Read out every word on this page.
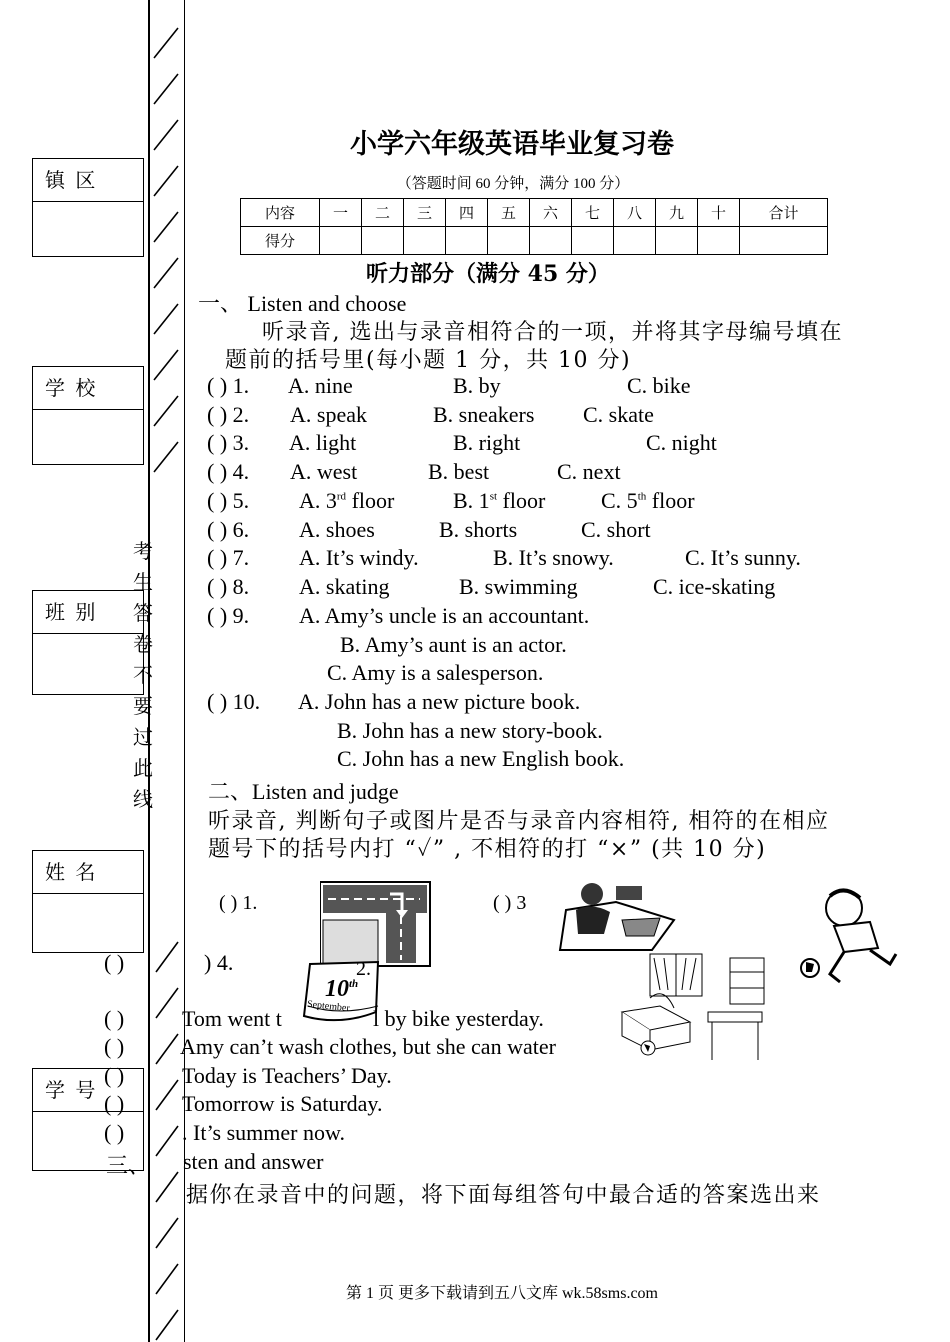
镇 区
学 校
班 别
姓 名
学 号
考
生
答
卷
不
要
过
此
线
小学六年级英语毕业复习卷
（答题时间 60 分钟，满分 100 分）
内容	一	二	三	四	五	六	七	八	九	十	合计
得分											
听力部分（满分 45 分）
一、 Listen and choose
听录音, 选出与录音相符合的一项，并将其字母编号填在
题前的括号里(每小题 1 分，共 10 分)
( ) 1. A. nine	B. by	C. bike
( ) 2. A. speak	B. sneakers C. skate
( ) 3. A. light	B. right	C. night
( ) 4. A. west	B. best	C. next
( ) 6. A. shoes	B. shorts	C. short
( ) 7. A. It’s windy.	B. It’s snowy.	C. It’s sunny.
( ) 8. A. skating	B. swimming	C. ice-skating
( ) 5. A. 3rd floor	B. 1st floor	C. 5th floor
( ) 9. A. Amy’s uncle is an accountant.
B. Amy’s aunt is an actor.
C. Amy is a salesperson.
( ) 10. A. John has a new picture book.
B. John has a new story-book.
C. John has a new English book.
二、Listen and judge
听录音, 判断句子或图片是否与录音内容相符, 相符的在相应
题号下的括号内打 “✓” , 不相符的打 “×” (共 10 分)
( ) 1.	( ) 3
10th
September
2.
( )	) 4.
( )	Tom went t	l by bike yesterday.
( )	Amy can’t wash clothes, but she can water
( )	Today is Teachers’ Day.
( )	Tomorrow is Saturday.
( )	. It’s summer now.
三、 sten and answer
据你在录音中的问题，将下面每组答句中最合适的答案选出来
第 1 页 更多下载请到五八文库 wk.58sms.com
